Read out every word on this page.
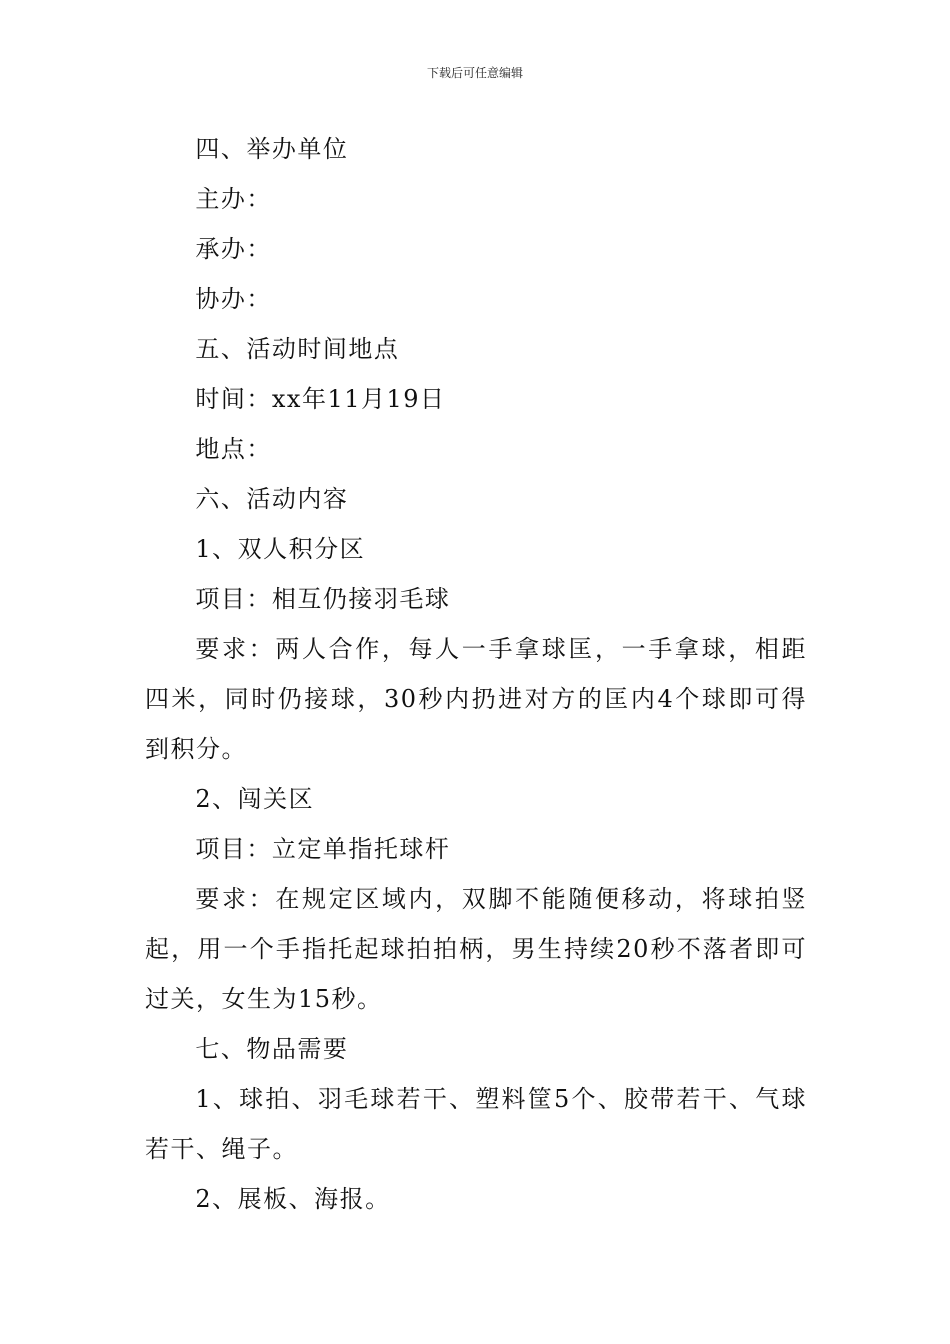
下载后可任意编辑

四、举办单位

主办：

承办：

协办：

五、活动时间地点

时间：xx年11月19日

地点：

六、活动内容

1、双人积分区

项目：相互仍接羽毛球

要求：两人合作，每人一手拿球匡，一手拿球，相距四米，同时仍接球，30秒内扔进对方的匡内4个球即可得到积分。

2、闯关区

项目：立定单指托球杆

要求：在规定区域内，双脚不能随便移动，将球拍竖起，用一个手指托起球拍拍柄，男生持续20秒不落者即可过关，女生为15秒。

七、物品需要

1、球拍、羽毛球若干、塑料筐5个、胶带若干、气球若干、绳子。

2、展板、海报。
